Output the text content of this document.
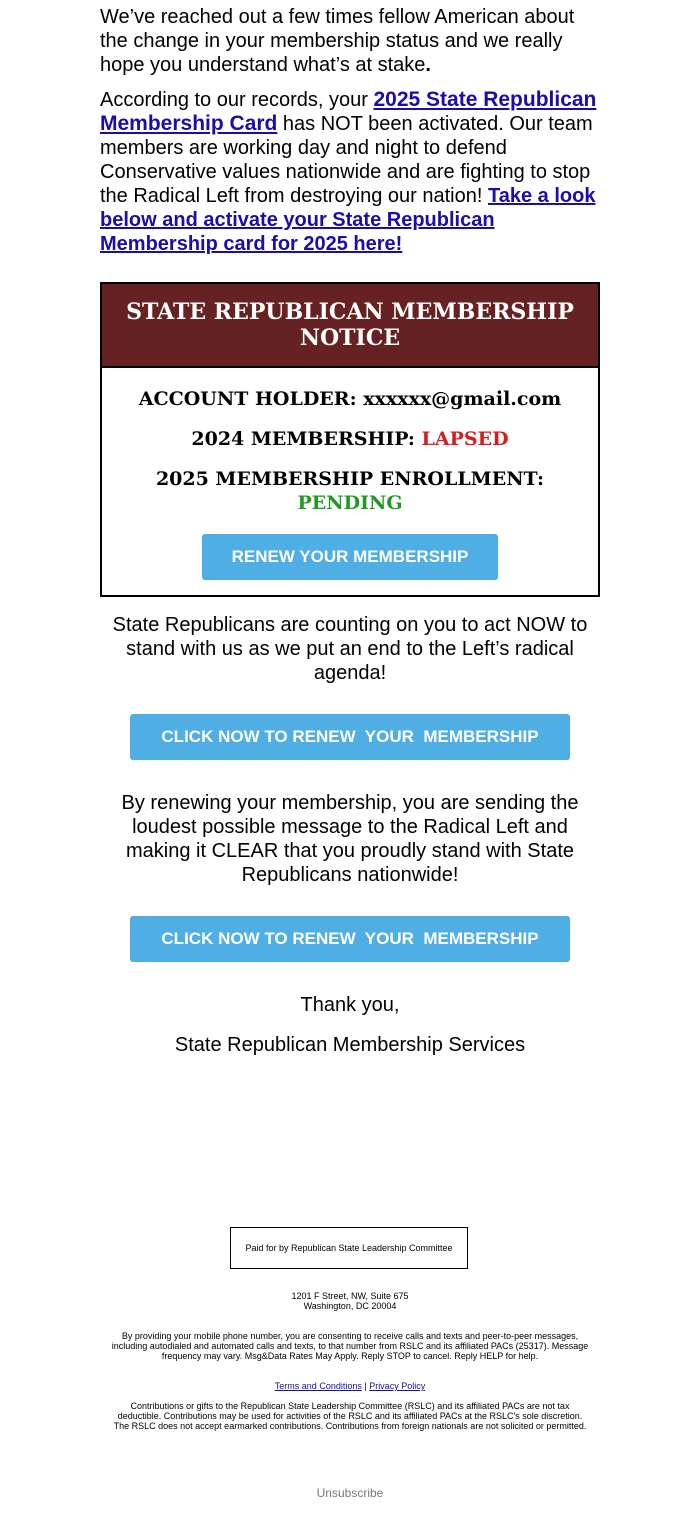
We’ve reached out a few times fellow American about the change in your membership status and we really hope you understand what’s at stake.

According to our records, your 2025 State Republican Membership Card has NOT been activated. Our team members are working day and night to defend Conservative values nationwide and are fighting to stop the Radical Left from destroying our nation! Take a look below and activate your State Republican Membership card for 2025 here!

STATE REPUBLICAN MEMBERSHIP NOTICE
ACCOUNT HOLDER: xxxxxx@gmail.com
2024 MEMBERSHIP: LAPSED
2025 MEMBERSHIP ENROLLMENT:
PENDING
RENEW YOUR MEMBERSHIP
State Republicans are counting on you to act NOW to stand with us as we put an end to the Left’s radical agenda!
CLICK NOW TO RENEW  YOUR  MEMBERSHIP
By renewing your membership, you are sending the loudest possible message to the Radical Left and making it CLEAR that you proudly stand with State Republicans nationwide!
CLICK NOW TO RENEW  YOUR  MEMBERSHIP
Thank you,
State Republican Membership Services
Paid for by Republican State Leadership Committee
1201 F Street, NW, Suite 675
Washington, DC 20004
By providing your mobile phone number, you are consenting to receive calls and texts and peer-to-peer messages, including autodialed and automated calls and texts, to that number from RSLC and its affiliated PACs (25317). Message frequency may vary. Msg&Data Rates May Apply. Reply STOP to cancel. Reply HELP for help.
Terms and Conditions | Privacy Policy
Contributions or gifts to the Republican State Leadership Committee (RSLC) and its affiliated PACs are not tax deductible. Contributions may be used for activities of the RSLC and its affiliated PACs at the RSLC's sole discretion. The RSLC does not accept earmarked contributions. Contributions from foreign nationals are not solicited or permitted.
Unsubscribe
